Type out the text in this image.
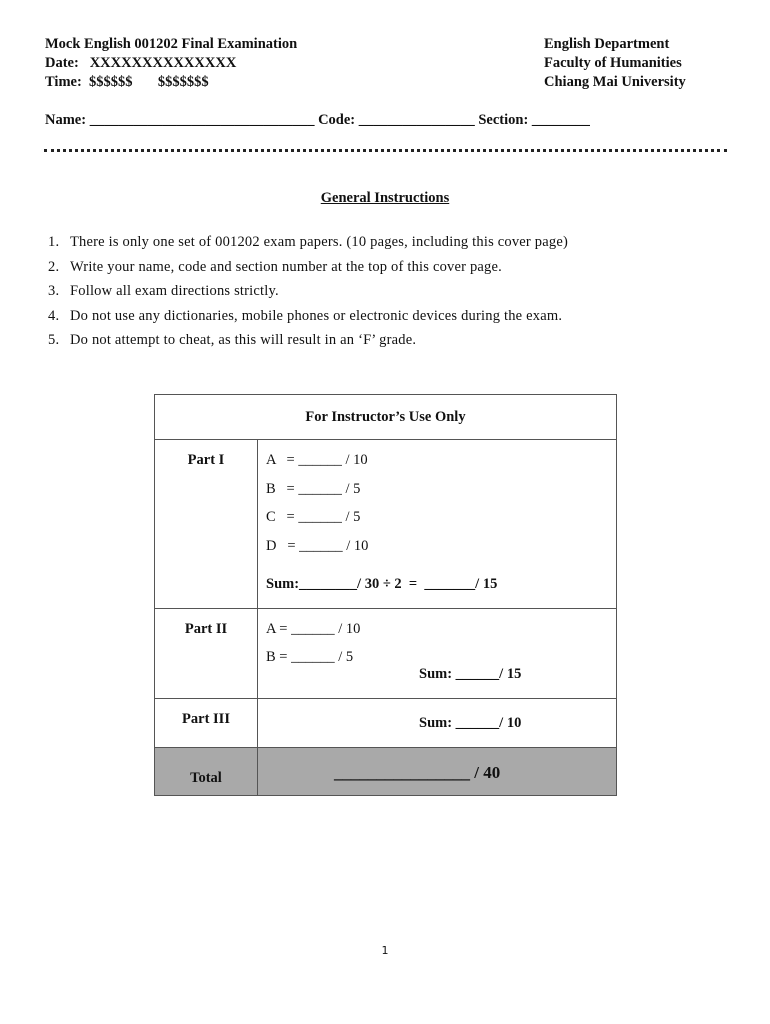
Mock English 001202 Final Examination
Date:   XXXXXXXXXXXXXX
Time:  $$$$$$       $$$$$$$
English Department
Faculty of Humanities
Chiang Mai University
Name: _______________________________ Code: ________________ Section: ________
General Instructions
1. There is only one set of 001202 exam papers. (10 pages, including this cover page)
2. Write your name, code and section number at the top of this cover page.
3. Follow all exam directions strictly.
4. Do not use any dictionaries, mobile phones or electronic devices during the exam.
5. Do not attempt to cheat, as this will result in an ‘F’ grade.
For Instructor’s Use Only	
Part I	A   = ______ / 10
B   = ______ / 5
C   = ______ / 5
D   = ______ / 10
Sum:________/ 30 ÷ 2  =  _______/ 15

Part II	A = ______ / 10
B = ______ / 5
Sum: ______/ 15

Part III	Sum: ______/ 10

Total	________________ / 40
1
